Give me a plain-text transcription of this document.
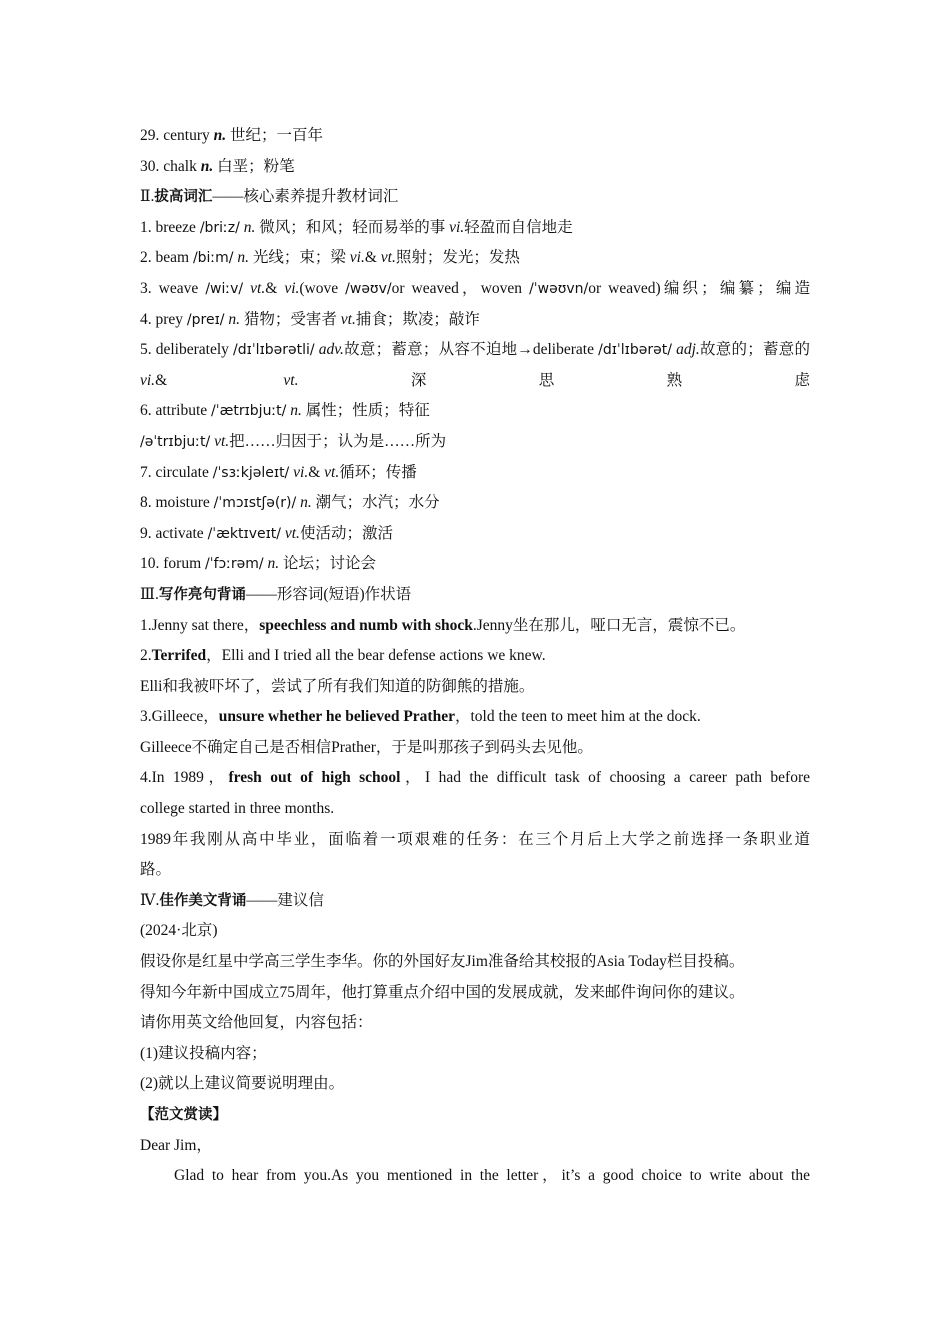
29. century n. 世纪；一百年

30. chalk n. 白垩；粉笔

Ⅱ.拔高词汇——核心素养提升教材词汇

1. breeze /briːz/ n. 微风；和风；轻而易举的事 vi.轻盈而自信地走

2. beam /biːm/ n. 光线；束；梁 vi.& vt.照射；发光；发热

3. weave /wiːv/ vt.& vi.(wove /wəʊv/or weaved，woven /ˈwəʊvn/or weaved)编织；编纂；编造

4. prey /preɪ/ n. 猎物；受害者 vt.捕食；欺凌；敲诈

5. deliberately /dɪˈlɪbərətli/ adv.故意；蓄意；从容不迫地→deliberate /dɪˈlɪbərət/ adj.故意的；蓄意的 vi.& vt.深思熟虑

6. attribute /ˈætrɪbjuːt/ n. 属性；性质；特征

/əˈtrɪbjuːt/ vt.把……归因于；认为是……所为

7. circulate /ˈsɜːkjəleɪt/ vi.& vt.循环；传播

8. moisture /ˈmɔɪstʃə(r)/ n. 潮气；水汽；水分

9. activate /ˈæktɪveɪt/ vt.使活动；激活

10. forum /ˈfɔːrəm/ n. 论坛；讨论会

Ⅲ.写作亮句背诵——形容词(短语)作状语

1.Jenny sat there，speechless and numb with shock.Jenny坐在那儿，哑口无言，震惊不已。

2.Terrifed，Elli and I tried all the bear defense actions we knew.

Elli和我被吓坏了，尝试了所有我们知道的防御熊的措施。

3.Gilleece，unsure whether he believed Prather，told the teen to meet him at the dock.

Gilleece不确定自己是否相信Prather，于是叫那孩子到码头去见他。

4.In 1989，fresh out of high school，I had the difficult task of choosing a career path before

college started in three months.

1989年我刚从高中毕业，面临着一项艰难的任务：在三个月后上大学之前选择一条职业道

路。

Ⅳ.佳作美文背诵——建议信

(2024·北京)

假设你是红星中学高三学生李华。你的外国好友Jim准备给其校报的Asia Today栏目投稿。

得知今年新中国成立75周年，他打算重点介绍中国的发展成就，发来邮件询问你的建议。

请你用英文给他回复，内容包括：

(1)建议投稿内容；

(2)就以上建议简要说明理由。

【范文赏读】

Dear Jim，

Glad to hear from you.As you mentioned in the letter，it’s a good choice to write about the
